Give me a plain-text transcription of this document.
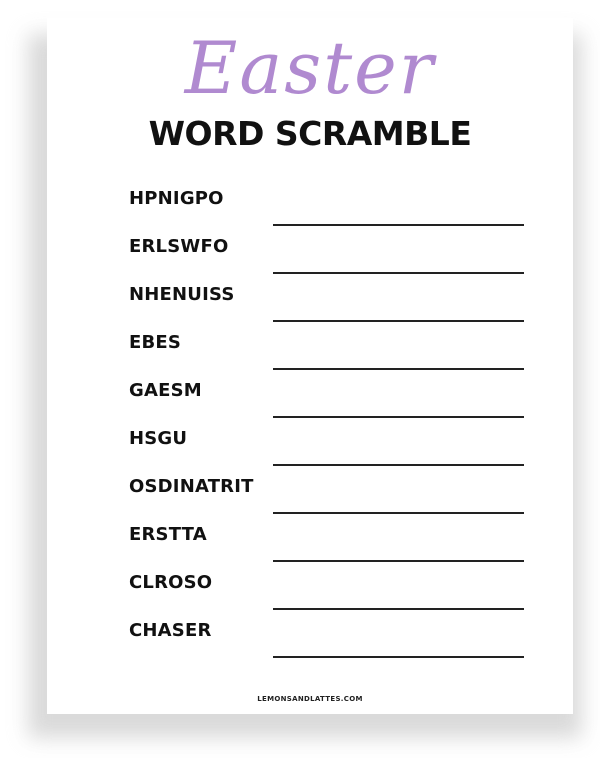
Easter
WORD SCRAMBLE
HPNIGPO
ERLSWFO
NHENUISS
EBES
GAESM
HSGU
OSDINATRIT
ERSTTA
CLROSO
CHASER
LEMONSANDLATTES.COM
